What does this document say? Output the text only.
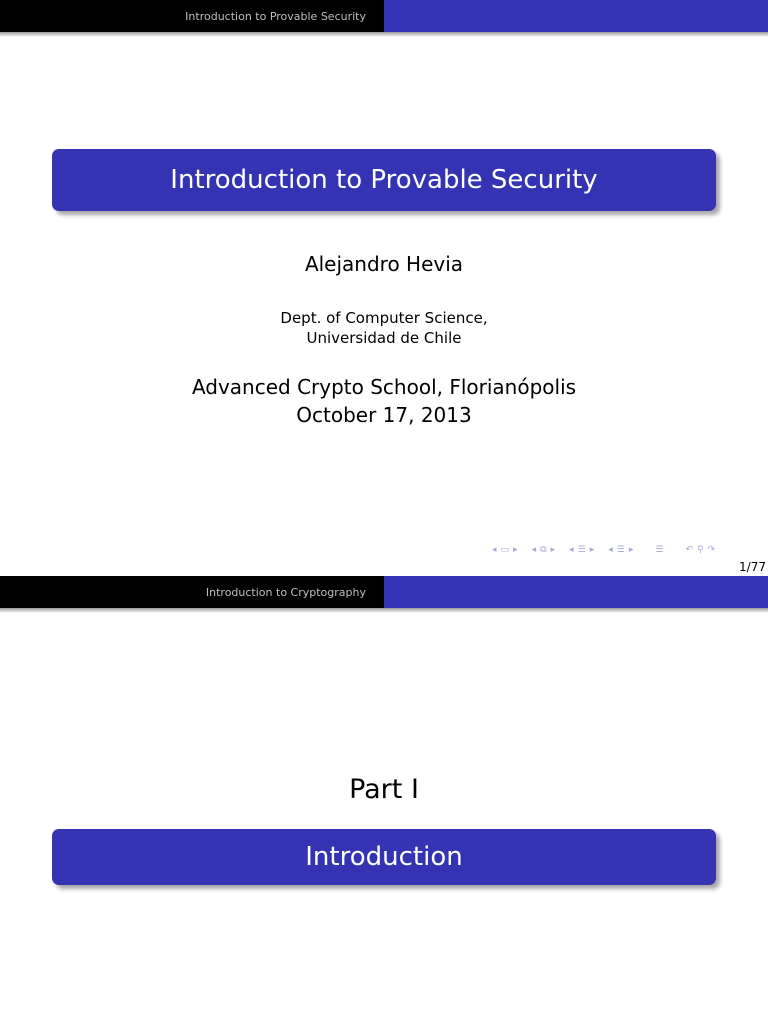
Introduction to Provable Security
Introduction to Provable Security
Alejandro Hevia
Dept. of Computer Science,
Universidad de Chile
Advanced Crypto School, Florianópolis
October 17, 2013
◂ ▭ ▸ ◂ ⧉ ▸ ◂ ☰ ▸ ◂ ☰ ▸ ☰ ↶ ⚲ ↷
1/77
Introduction to Cryptography
Part I
Introduction
